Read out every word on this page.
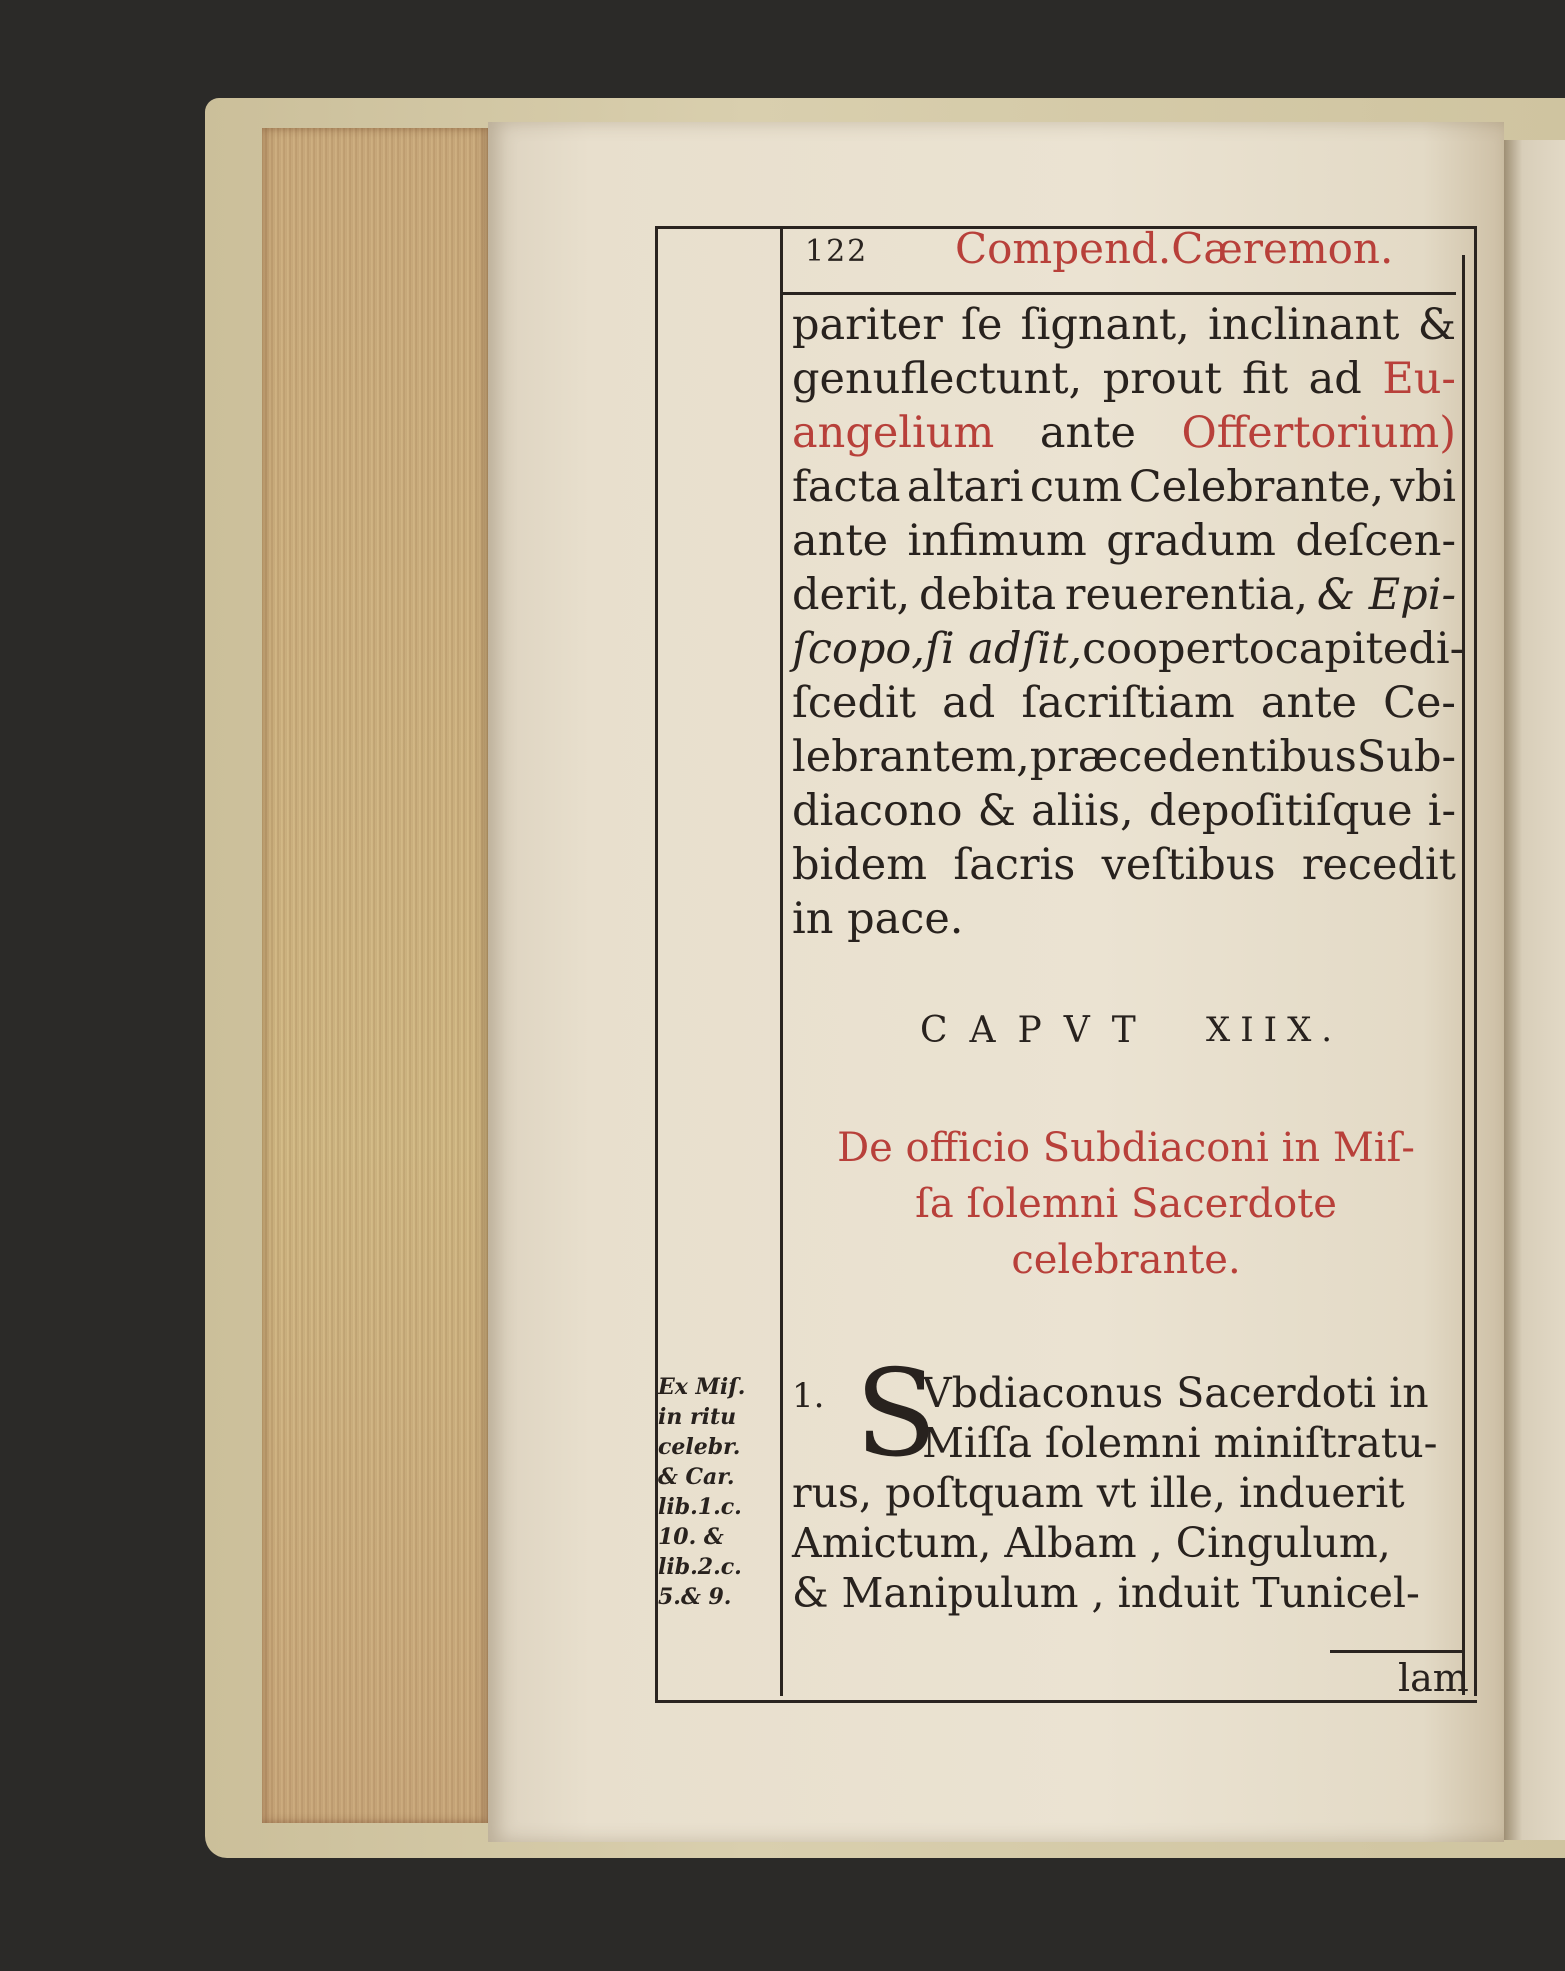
122 Compend.Cæremon.
pariter ſe ſignant, inclinant &
genuflectunt, prout fit ad Eu-
angelium ante Offertorium)
facta altari cum Celebrante, vbi
ante infimum gradum deſcen-
derit, debita reuerentia, & Epi-
ſcopo,ſi adſit, cooperto capite di-
ſcedit ad ſacriſtiam ante Ce-
lebrantem, præcedentibus Sub-
diacono & aliis, depoſitiſque i-
bidem ſacris veſtibus recedit
in pace.
CAPVT XIIX.
De officio Subdiaconi in Miſ-
ſa ſolemni Sacerdote
celebrante.
1. S
Vbdiaconus Sacerdoti in
Miſſa ſolemni miniſtratu-
rus, poſtquam vt ille, induerit
Amictum, Albam , Cingulum,
& Manipulum , induit Tunicel-
lam
Ex Miſ.
in ritu
celebr.
& Car.
lib.1.c.
10. &
lib.2.c.
5.& 9.
